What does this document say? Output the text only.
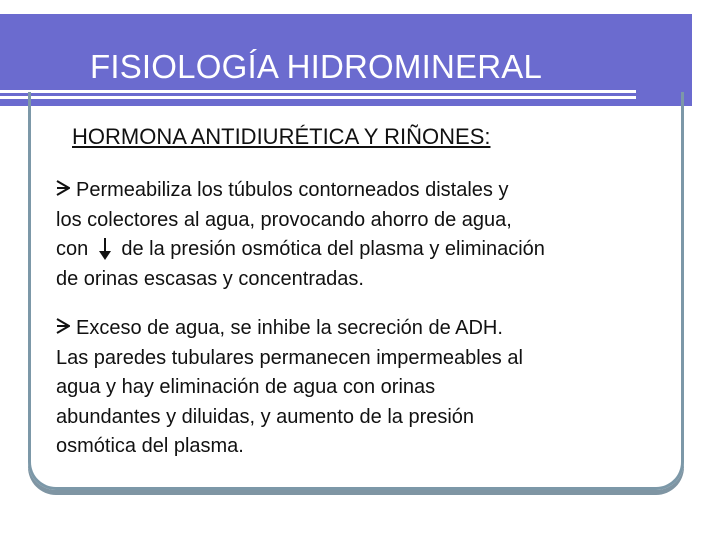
FISIOLOGÍA HIDROMINERAL
HORMONA ANTIDIURÉTICA Y RIÑONES:
Permeabiliza los túbulos contorneados distales y
los colectores al agua, provocando ahorro de agua,
con de la presión osmótica del plasma y eliminación
de orinas escasas y concentradas.
Exceso de agua, se inhibe la secreción de ADH.
Las paredes tubulares permanecen impermeables al
agua y hay eliminación de agua con orinas
abundantes y diluidas, y aumento de la presión
osmótica del plasma.
